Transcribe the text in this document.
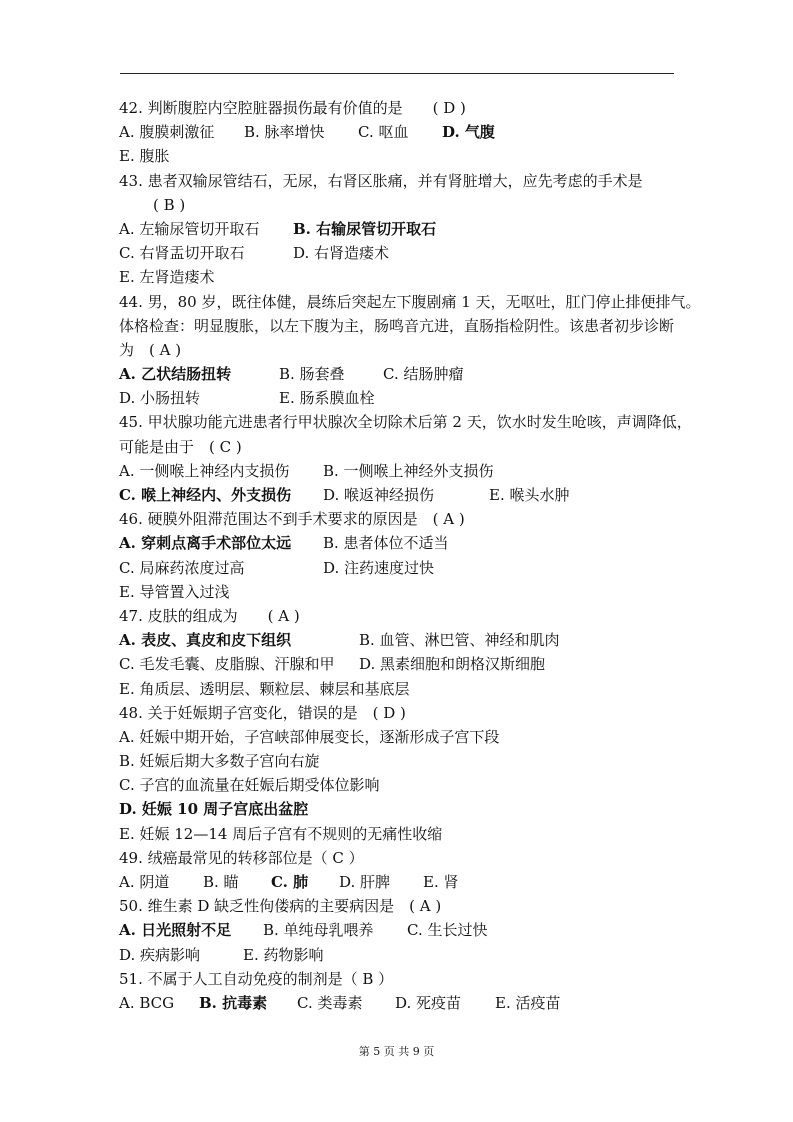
42. 判断腹腔内空腔脏器损伤最有价值的是　　( D )
A. 腹膜刺激征 B. 脉率增快 C. 呕血 D. 气腹
E. 腹胀
43. 患者双输尿管结石，无尿，右肾区胀痛，并有肾脏增大，应先考虑的手术是
( B )
A. 左输尿管切开取石 B. 右输尿管切开取石
C. 右肾盂切开取石	D. 右肾造瘘术
E. 左肾造瘘术
44. 男，80 岁，既往体健，晨练后突起左下腹剧痛 1 天，无呕吐，肛门停止排便排气。
体格检查：明显腹胀，以左下腹为主，肠鸣音亢进，直肠指检阴性。该患者初步诊断
为　( A )
A. 乙状结肠扭转	B. 肠套叠	C. 结肠肿瘤
D. 小肠扭转	E. 肠系膜血栓
45. 甲状腺功能亢进患者行甲状腺次全切除术后第 2 天，饮水时发生呛咳，声调降低，
可能是由于　( C )
A. 一侧喉上神经内支损伤 B. 一侧喉上神经外支损伤
C. 喉上神经内、外支损伤 D. 喉返神经损伤	E. 喉头水肿
46. 硬膜外阻滞范围达不到手术要求的原因是　( A )
A. 穿刺点离手术部位太远 B. 患者体位不适当
C. 局麻药浓度过高	D. 注药速度过快
E. 导管置入过浅
47. 皮肤的组成为　　( A )
A. 表皮、真皮和皮下组织	B. 血管、淋巴管、神经和肌肉
C. 毛发毛囊、皮脂腺、汗腺和甲 D. 黑素细胞和朗格汉斯细胞
E. 角质层、透明层、颗粒层、棘层和基底层
48. 关于妊娠期子宫变化，错误的是　( D )
A. 妊娠中期开始，子宫峡部伸展变长，逐渐形成子宫下段
B. 妊娠后期大多数子宫向右旋
C. 子宫的血流量在妊娠后期受体位影响
D. 妊娠 10 周子宫底出盆腔
E. 妊娠 12—14 周后子宫有不规则的无痛性收缩
49. 绒癌最常见的转移部位是（ C ）
A. 阴道 B. 瞄 C. 肺 D. 肝脾 E. 肾
50. 维生素 D 缺乏性佝偻病的主要病因是　( A )
A. 日光照射不足 B. 单纯母乳喂养 C. 生长过快
D. 疾病影响	E. 药物影响
51. 不属于人工自动免疫的制剂是（ B ）
A. BCG B. 抗毒素 C. 类毒素 D. 死疫苗 E. 活疫苗
第 5 页 共 9 页
